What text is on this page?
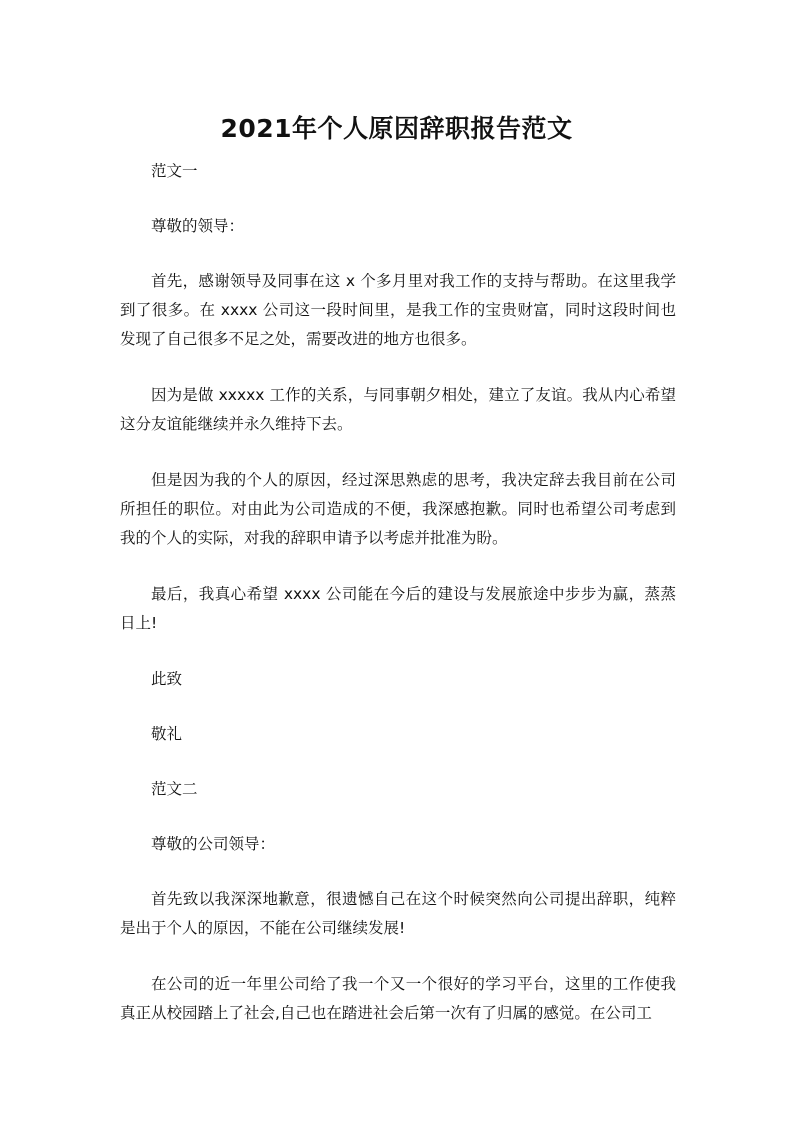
2021年个人原因辞职报告范文

范文一

尊敬的领导：

首先，感谢领导及同事在这 x 个多月里对我工作的支持与帮助。在这里我学到了很多。在 xxxx 公司这一段时间里，是我工作的宝贵财富，同时这段时间也发现了自己很多不足之处，需要改进的地方也很多。

因为是做 xxxxx 工作的关系，与同事朝夕相处，建立了友谊。我从内心希望这分友谊能继续并永久维持下去。

但是因为我的个人的原因，经过深思熟虑的思考，我决定辞去我目前在公司所担任的职位。对由此为公司造成的不便，我深感抱歉。同时也希望公司考虑到我的个人的实际，对我的辞职申请予以考虑并批准为盼。

最后，我真心希望 xxxx 公司能在今后的建设与发展旅途中步步为赢，蒸蒸日上!

此致

敬礼

范文二

尊敬的公司领导：

首先致以我深深地歉意，很遗憾自己在这个时候突然向公司提出辞职，纯粹是出于个人的原因，不能在公司继续发展!

在公司的近一年里公司给了我一个又一个很好的学习平台，这里的工作使我真正从校园踏上了社会,自己也在踏进社会后第一次有了归属的感觉。在公司工
